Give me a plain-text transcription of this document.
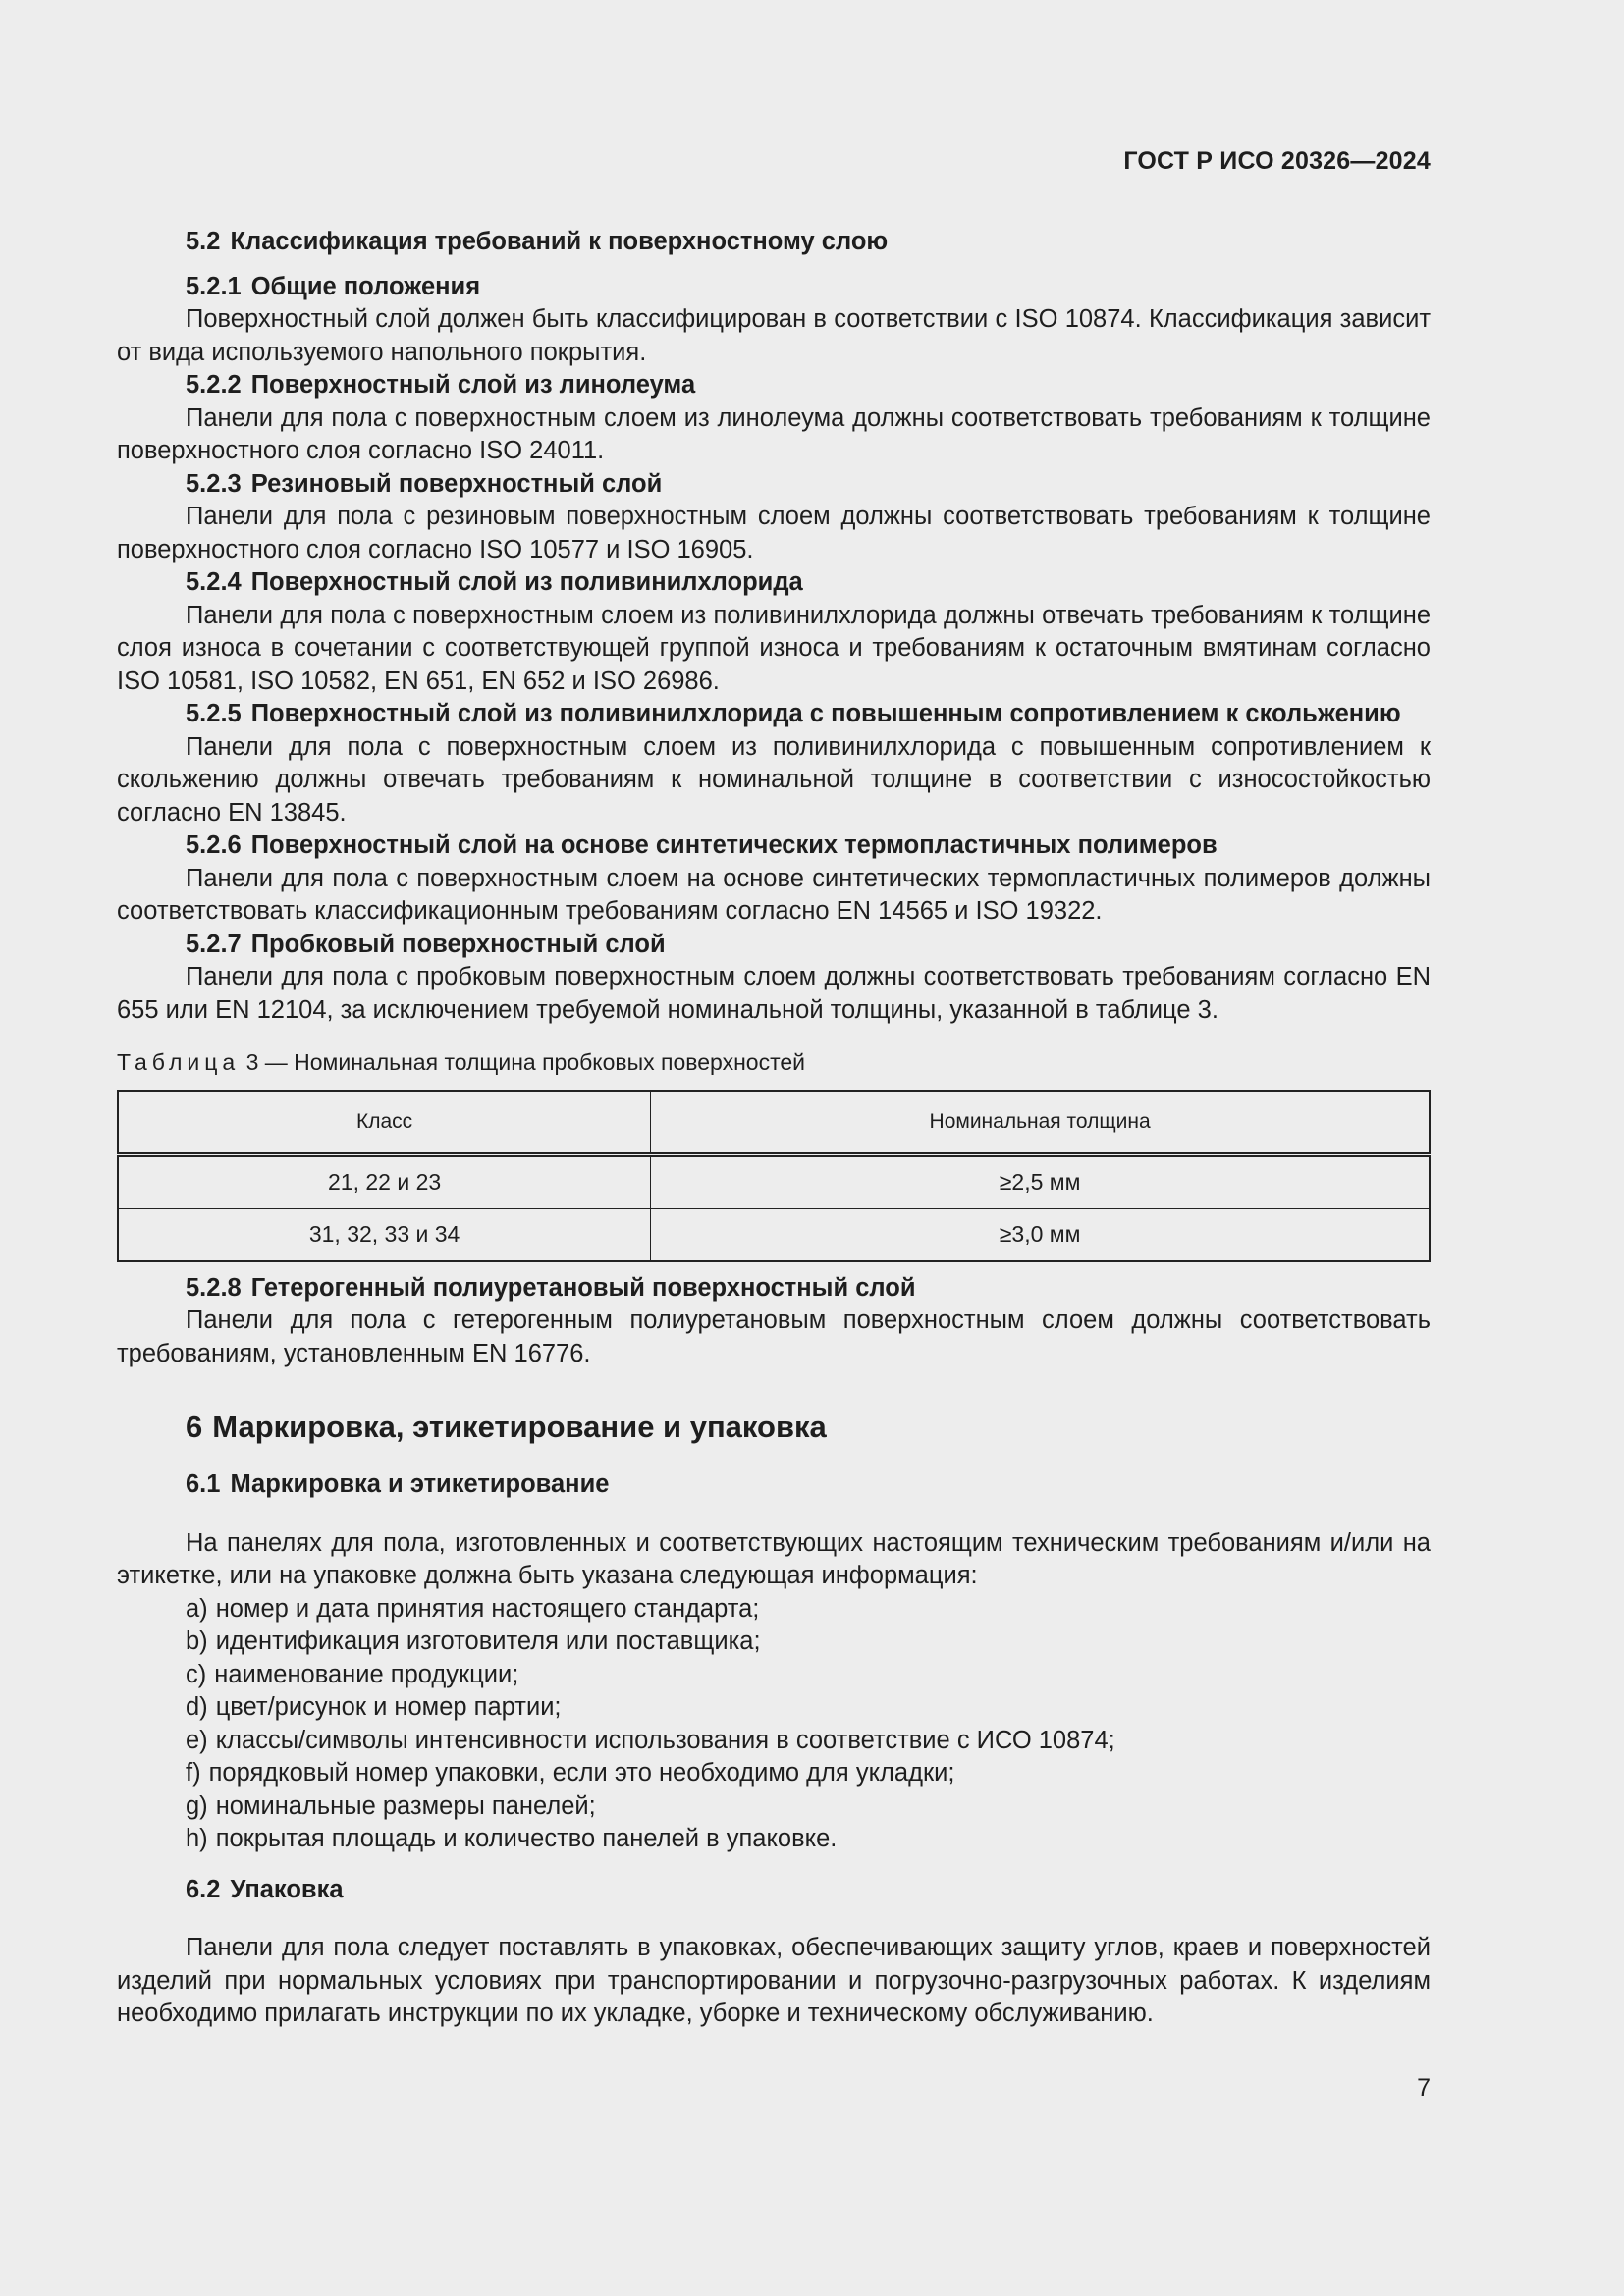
ГОСТ Р ИСО 20326—2024
5.2 Классификация требований к поверхностному слою

5.2.1 Общие положения

Поверхностный слой должен быть классифицирован в соответствии с ISO 10874. Классификация зависит от вида используемого напольного покрытия.

5.2.2 Поверхностный слой из линолеума

Панели для пола с поверхностным слоем из линолеума должны соответствовать требованиям к толщине поверхностного слоя согласно ISO 24011.

5.2.3 Резиновый поверхностный слой

Панели для пола с резиновым поверхностным слоем должны соответствовать требованиям к толщине поверхностного слоя согласно ISO 10577 и ISO 16905.

5.2.4 Поверхностный слой из поливинилхлорида

Панели для пола с поверхностным слоем из поливинилхлорида должны отвечать требованиям к толщине слоя износа в сочетании с соответствующей группой износа и требованиям к остаточным вмятинам согласно ISO 10581, ISO 10582, EN 651, EN 652 и ISO 26986.

5.2.5 Поверхностный слой из поливинилхлорида с повышенным сопротивлением к скольжению

Панели для пола с поверхностным слоем из поливинилхлорида с повышенным сопротивлением к скольжению должны отвечать требованиям к номинальной толщине в соответствии с износостойкостью согласно EN 13845.

5.2.6 Поверхностный слой на основе синтетических термопластичных полимеров

Панели для пола с поверхностным слоем на основе синтетических термопластичных полимеров должны соответствовать классификационным требованиям согласно EN 14565 и ISO 19322.

5.2.7 Пробковый поверхностный слой

Панели для пола с пробковым поверхностным слоем должны соответствовать требованиям согласно EN 655 или EN 12104, за исключением требуемой номинальной толщины, указанной в таблице 3.

Таблица 3 — Номинальная толщина пробковых поверхностей
Класс	Номинальная толщина
21, 22 и 23	≥2,5 мм
31, 32, 33 и 34	≥3,0 мм

5.2.8 Гетерогенный полиуретановый поверхностный слой

Панели для пола с гетерогенным полиуретановым поверхностным слоем должны соответствовать требованиям, установленным EN 16776.

6 Маркировка, этикетирование и упаковка
6.1 Маркировка и этикетирование

На панелях для пола, изготовленных и соответствующих настоящим техническим требованиям и/или на этикетке, или на упаковке должна быть указана следующая информация:

a) номер и дата принятия настоящего стандарта;
b) идентификация изготовителя или поставщика;
c) наименование продукции;
d) цвет/рисунок и номер партии;
e) классы/символы интенсивности использования в соответствие с ИСО 10874;
f) порядковый номер упаковки, если это необходимо для укладки;
g) номинальные размеры панелей;
h) покрытая площадь и количество панелей в упаковке.
6.2 Упаковка

Панели для пола следует поставлять в упаковках, обеспечивающих защиту углов, краев и поверхностей изделий при нормальных условиях при транспортировании и погрузочно-разгрузочных работах. К изделиям необходимо прилагать инструкции по их укладке, уборке и техническому обслуживанию.

7
